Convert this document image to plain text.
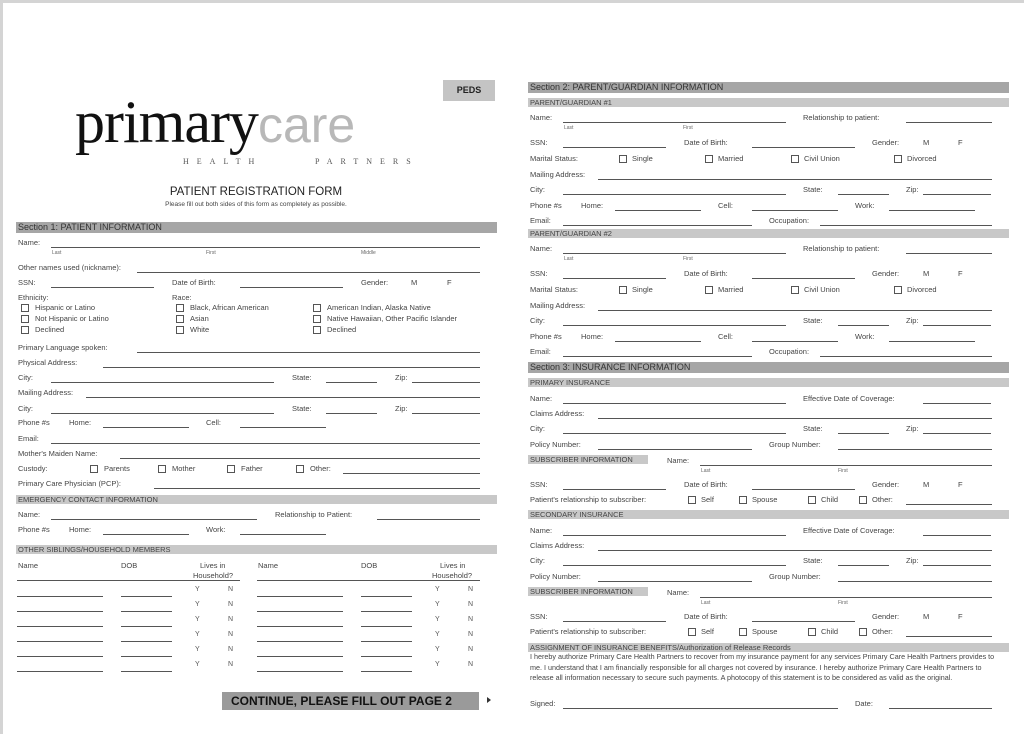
PEDS
primarycare
HEALTH	PARTNERS
PATIENT REGISTRATION FORM
Please fill out both sides of this form as completely as possible.
Section 1: PATIENT INFORMATION
Name:
Last	First	Middle
Other names used (nickname):
SSN:	Date of Birth:	Gender:	M	F
Ethnicity:	Race:
Hispanic or Latino
Not Hispanic or Latino
Declined
Black, African American
Asian
White
American Indian, Alaska Native
Native Hawaiian, Other Pacific Islander
Declined
Primary Language spoken:
Physical Address:
City:	State:	Zip:
Mailing Address:
City:	State:	Zip:
Phone #s	Home:	Cell:
Email:
Mother's Maiden Name:
Custody:	Parents	Mother	Father	Other:
Primary Care Physician (PCP):
EMERGENCY CONTACT INFORMATION
Name:	Relationship to Patient:
Phone #s	Home:	Work:
OTHER SIBLINGS/HOUSEHOLD MEMBERS
Name	DOB	Lives in
Household?
Name	DOB	Lives in
Household?
Y	N	Y	N
Y	N	Y	N
Y	N	Y	N
Y	N	Y	N
Y	N	Y	N
Y	N	Y	N
CONTINUE, PLEASE FILL OUT PAGE 2
Section 2: PARENT/GUARDIAN INFORMATION
PARENT/GUARDIAN #1
Name:
Last	First
Relationship to patient:
SSN:	Date of Birth:	Gender:	M	F
Marital Status:	Single	Married	Civil Union	Divorced
Mailing Address:
City:	State:	Zip:
Phone #s	Home:	Cell:	Work:
Email:	Occupation:
PARENT/GUARDIAN #2
Name:
Last	First
Relationship to patient:
SSN:	Date of Birth:	Gender:	M	F
Marital Status:	Single	Married	Civil Union	Divorced
Mailing Address:
City:	State:	Zip:
Phone #s	Home:	Cell:	Work:
Email:	Occupation:
Section 3: INSURANCE INFORMATION
PRIMARY INSURANCE
Name:	Effective Date of Coverage:
Claims Address:
City:	State:	Zip:
Policy Number:	Group Number:
SUBSCRIBER INFORMATION	Name:
Last	First
SSN:	Date of Birth:	Gender:	M	F
Patient's relationship to subscriber:	Self	Spouse	Child	Other:
SECONDARY INSURANCE
Name:	Effective Date of Coverage:
Claims Address:
City:	State:	Zip:
Policy Number:	Group Number:
SUBSCRIBER INFORMATION	Name:
Last	First
SSN:	Date of Birth:	Gender:	M	F
Patient's relationship to subscriber:	Self	Spouse	Child	Other:
ASSIGNMENT OF INSURANCE BENEFITS/Authorization of Release Records
I hereby authorize Primary Care Health Partners to recover from my insurance payment for any services Primary Care Health Partners provides to me. I understand that I am financially responsible for all charges not covered by insurance. I hereby authorize Primary Care Health Partners to release all information necessary to secure such payments. A photocopy of this statement is to be considered as valid as the original.
Signed:	Date:
